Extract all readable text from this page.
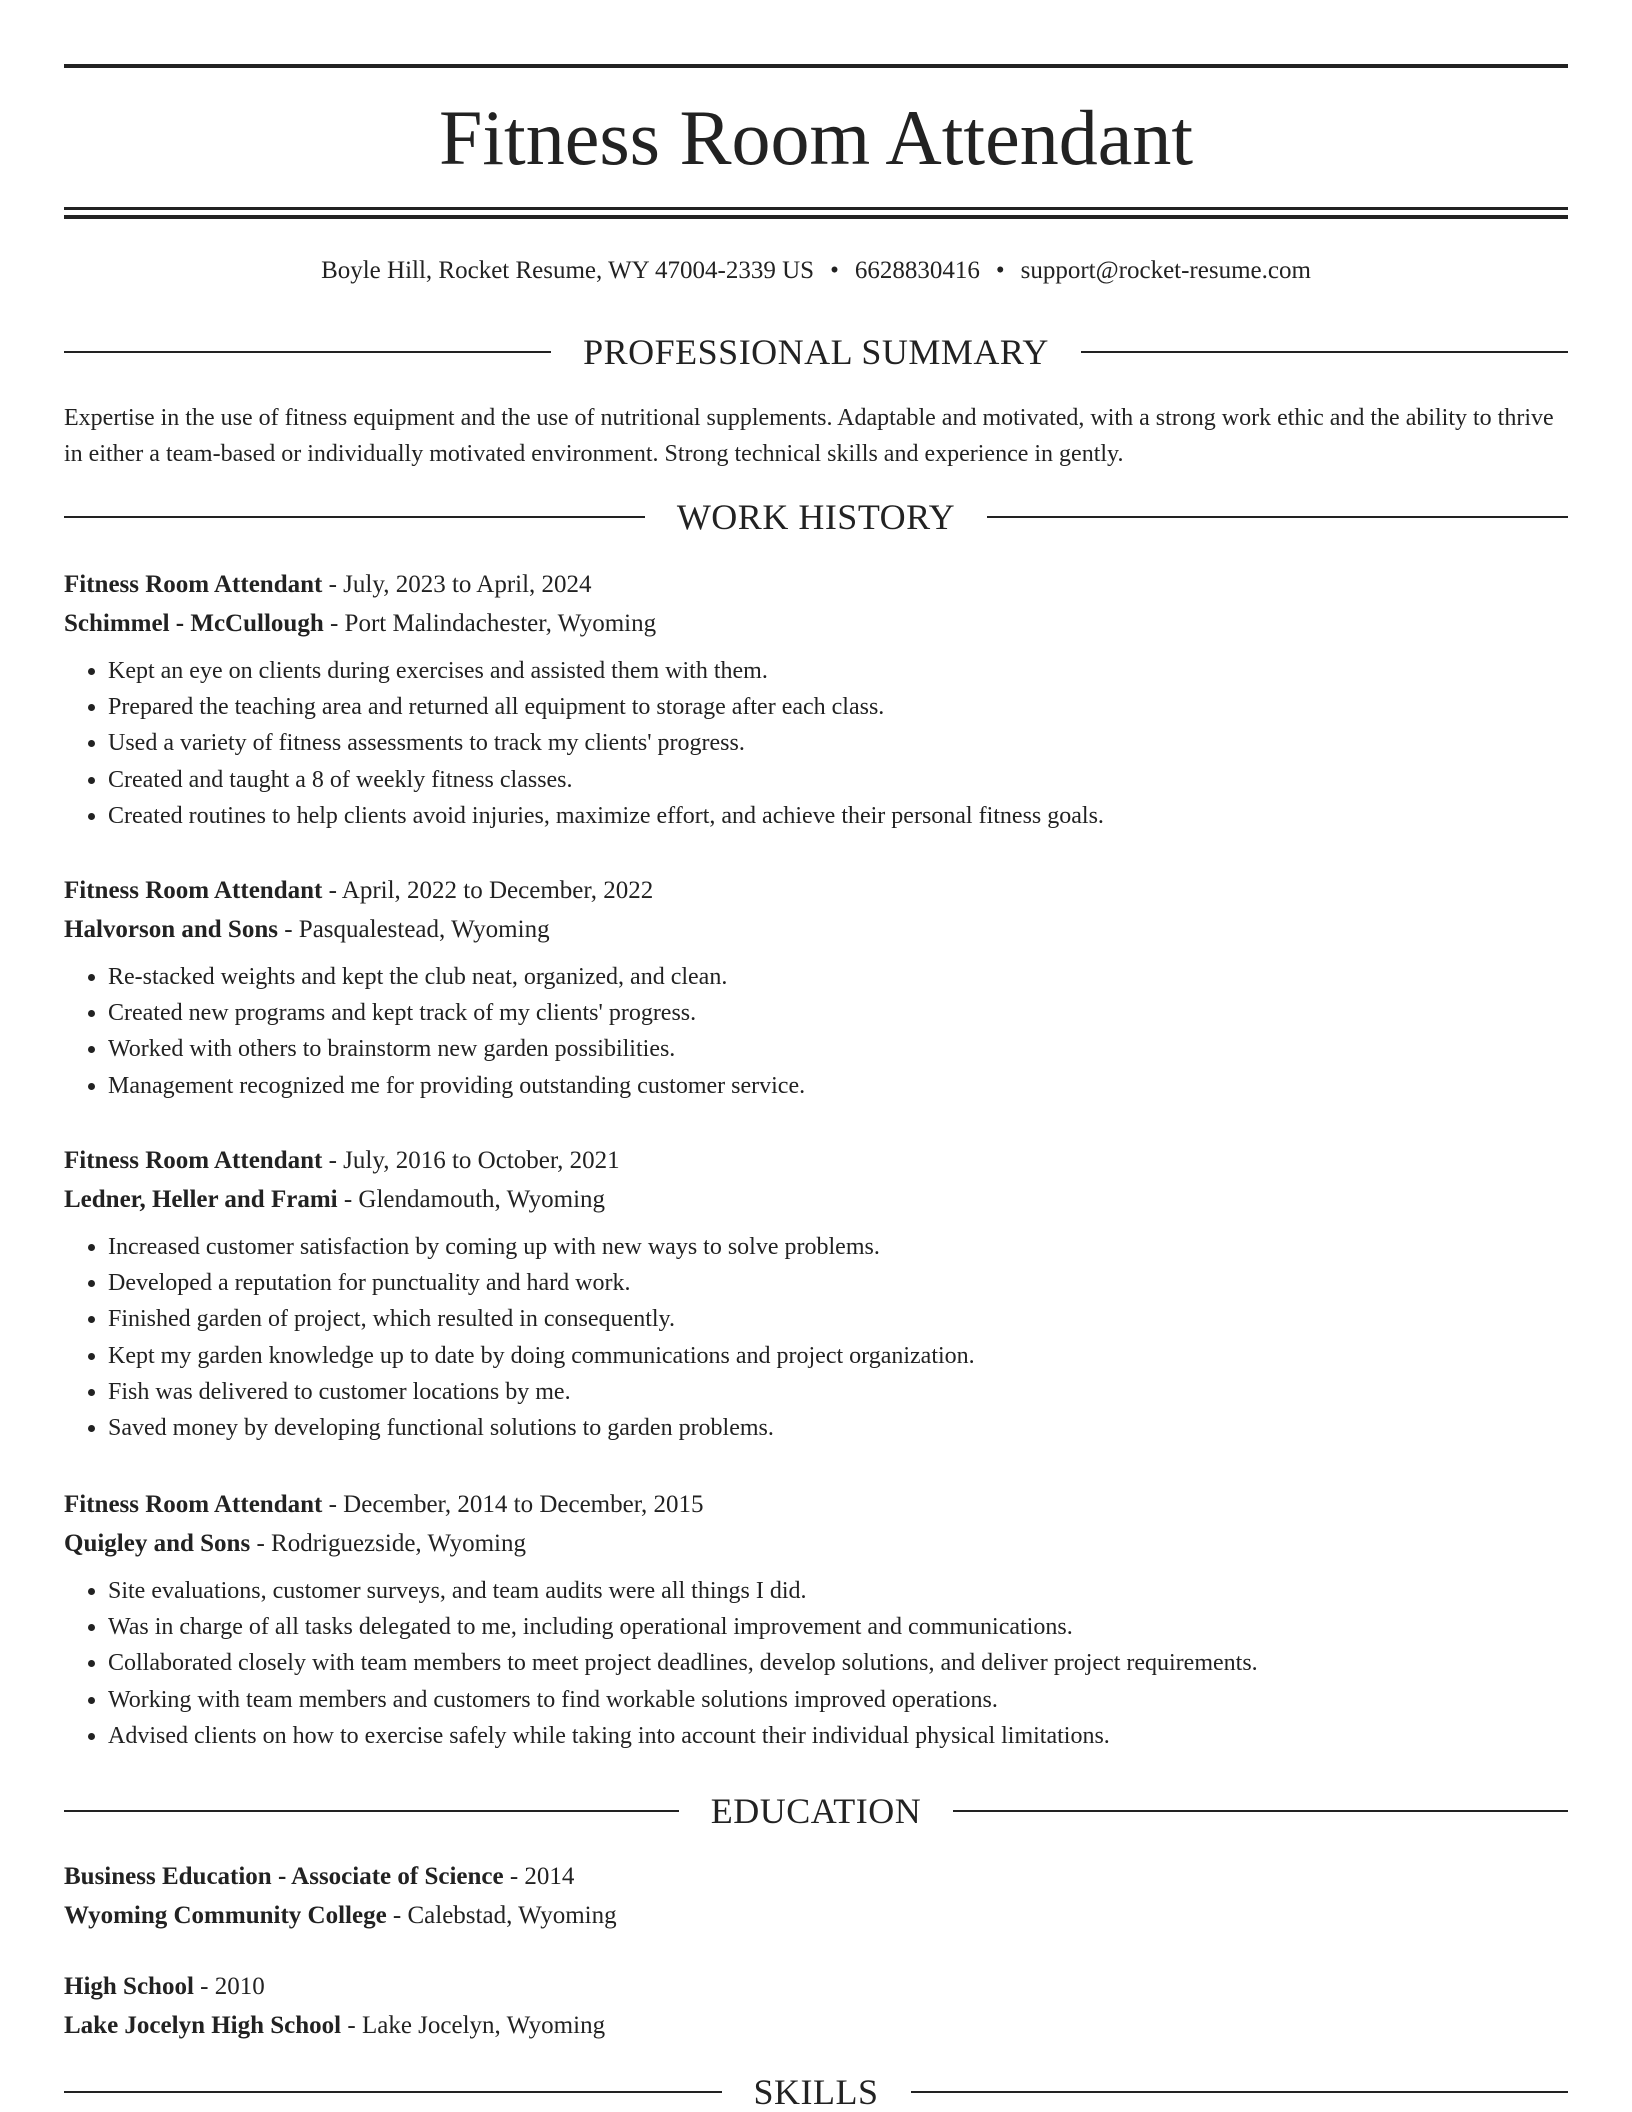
Fitness Room Attendant
Boyle Hill, Rocket Resume, WY 47004-2339 US • 6628830416 • support@rocket-resume.com
PROFESSIONAL SUMMARY

Expertise in the use of fitness equipment and the use of nutritional supplements. Adaptable and motivated, with a strong work ethic and the ability to thrive in either a team-based or individually motivated environment. Strong technical skills and experience in gently.

WORK HISTORY
Fitness Room Attendant - July, 2023 to April, 2024
Schimmel - McCullough - Port Malindachester, Wyoming
• Kept an eye on clients during exercises and assisted them with them.
• Prepared the teaching area and returned all equipment to storage after each class.
• Used a variety of fitness assessments to track my clients' progress.
• Created and taught a 8 of weekly fitness classes.
• Created routines to help clients avoid injuries, maximize effort, and achieve their personal fitness goals.
Fitness Room Attendant - April, 2022 to December, 2022
Halvorson and Sons - Pasqualestead, Wyoming
• Re-stacked weights and kept the club neat, organized, and clean.
• Created new programs and kept track of my clients' progress.
• Worked with others to brainstorm new garden possibilities.
• Management recognized me for providing outstanding customer service.
Fitness Room Attendant - July, 2016 to October, 2021
Ledner, Heller and Frami - Glendamouth, Wyoming
• Increased customer satisfaction by coming up with new ways to solve problems.
• Developed a reputation for punctuality and hard work.
• Finished garden of project, which resulted in consequently.
• Kept my garden knowledge up to date by doing communications and project organization.
• Fish was delivered to customer locations by me.
• Saved money by developing functional solutions to garden problems.
Fitness Room Attendant - December, 2014 to December, 2015
Quigley and Sons - Rodriguezside, Wyoming
• Site evaluations, customer surveys, and team audits were all things I did.
• Was in charge of all tasks delegated to me, including operational improvement and communications.
• Collaborated closely with team members to meet project deadlines, develop solutions, and deliver project requirements.
• Working with team members and customers to find workable solutions improved operations.
• Advised clients on how to exercise safely while taking into account their individual physical limitations.
EDUCATION
Business Education - Associate of Science - 2014
Wyoming Community College - Calebstad, Wyoming
High School - 2010
Lake Jocelyn High School - Lake Jocelyn, Wyoming
SKILLS
